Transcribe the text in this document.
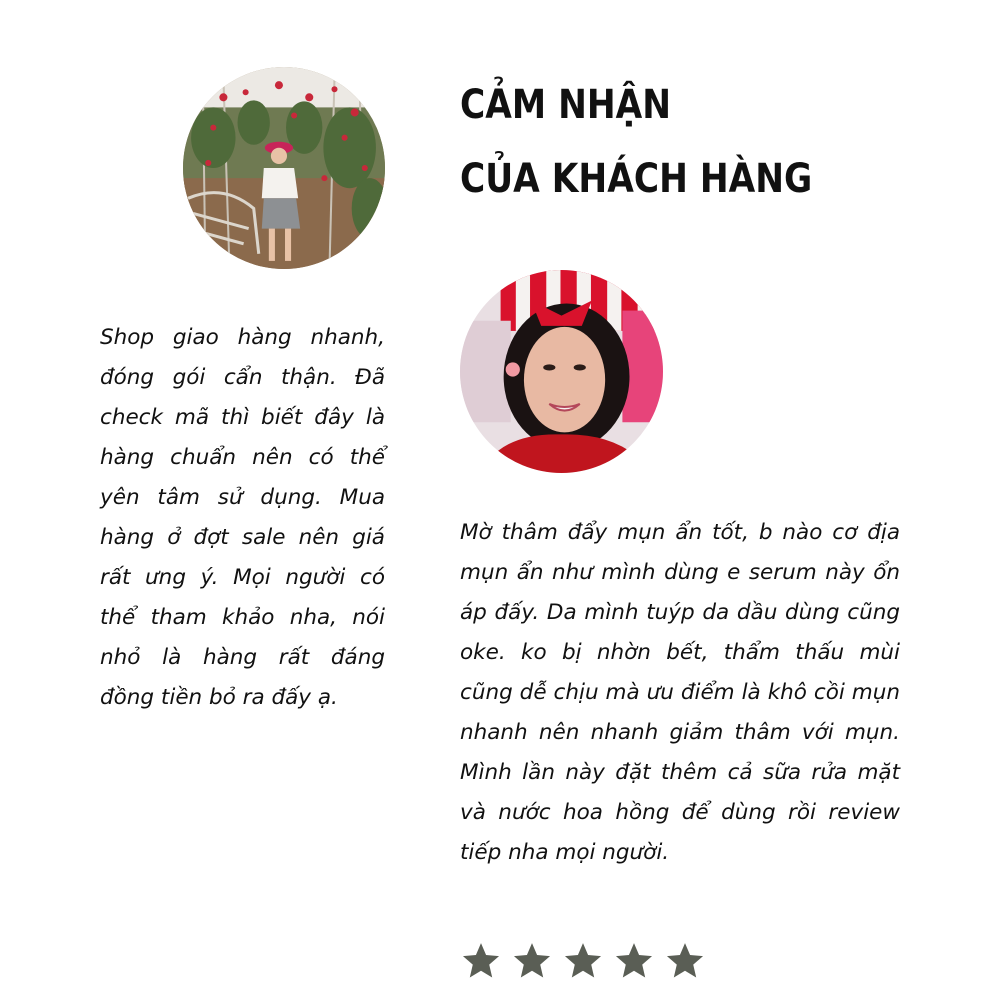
CẢM NHẬN
CỦA KHÁCH HÀNG

Shop giao hàng nhanh, đóng gói cẩn thận. Đã check mã thì biết đây là hàng chuẩn nên có thể yên tâm sử dụng. Mua hàng ở đợt sale nên giá rất ưng ý. Mọi người có thể tham khảo nha, nói nhỏ là hàng rất đáng đồng tiền bỏ ra đấy ạ.

Mờ thâm đẩy mụn ẩn tốt, b nào cơ địa mụn ẩn như mình dùng e serum này ổn áp đấy. Da mình tuýp da dầu dùng cũng oke. ko bị nhờn bết, thẩm thấu mùi cũng dễ chịu mà ưu điểm là khô cồi mụn nhanh nên nhanh giảm thâm với mụn. Mình lần này đặt thêm cả sữa rửa mặt và nước hoa hồng để dùng rồi review tiếp nha mọi người.
